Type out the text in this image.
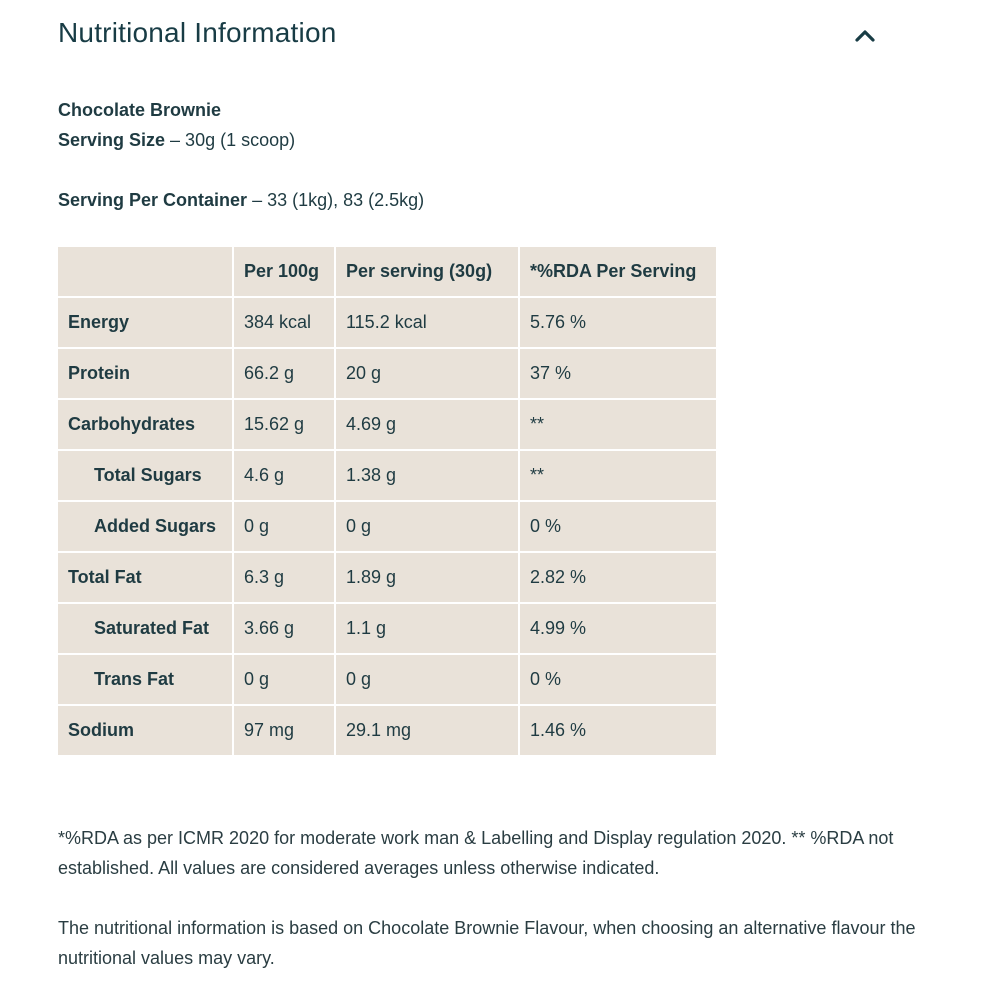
Nutritional Information
Chocolate Brownie
Serving Size – 30g (1 scoop)
Serving Per Container – 33 (1kg), 83 (2.5kg)
	Per 100g	Per serving (30g)	*%RDA Per Serving
Energy	384 kcal	115.2 kcal	5.76 %
Protein	66.2 g	20 g	37 %
Carbohydrates	15.62 g	4.69 g	**
Total Sugars	4.6 g	1.38 g	**
Added Sugars	0 g	0 g	0 %
Total Fat	6.3 g	1.89 g	2.82 %
Saturated Fat	3.66 g	1.1 g	4.99 %
Trans Fat	0 g	0 g	0 %
Sodium	97 mg	29.1 mg	1.46 %

*%RDA as per ICMR 2020 for moderate work man & Labelling and Display regulation 2020. ** %RDA not established. All values are considered averages unless otherwise indicated.

The nutritional information is based on Chocolate Brownie Flavour, when choosing an alternative flavour the nutritional values may vary.
